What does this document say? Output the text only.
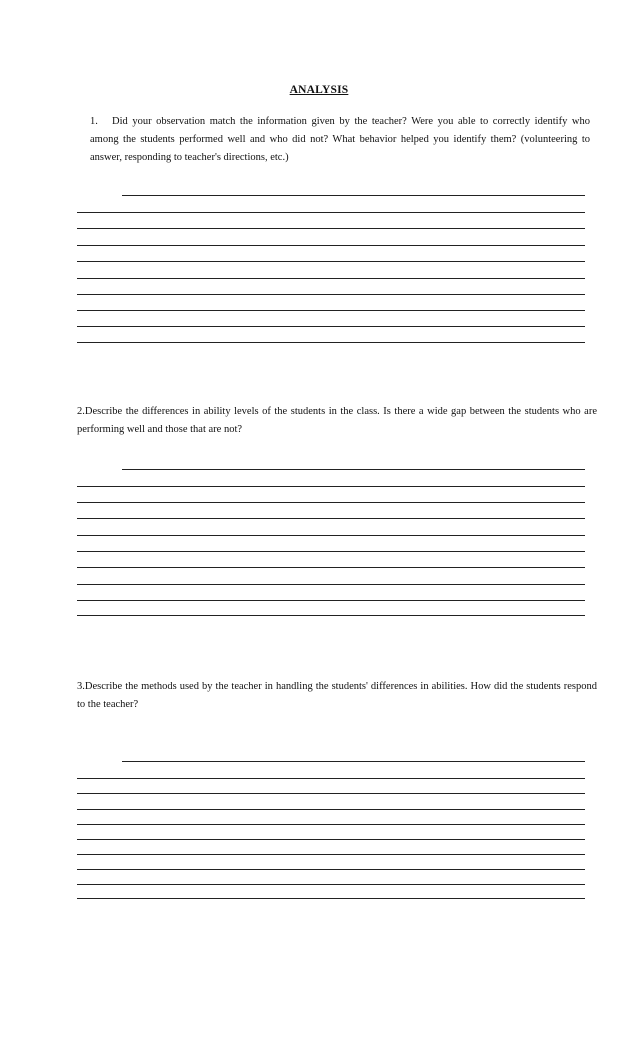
ANALYSIS
1. Did your observation match the information given by the teacher? Were you able to correctly identify who among the students performed well and who did not? What behavior helped you identify them? (volunteering to answer, responding to teacher's directions, etc.)
2.Describe the differences in ability levels of the students in the class. Is there a wide gap between the students who are    performing well and those that are not?
3.Describe the methods used by the teacher in handling the students' differences in abilities. How did the students respond to the teacher?
